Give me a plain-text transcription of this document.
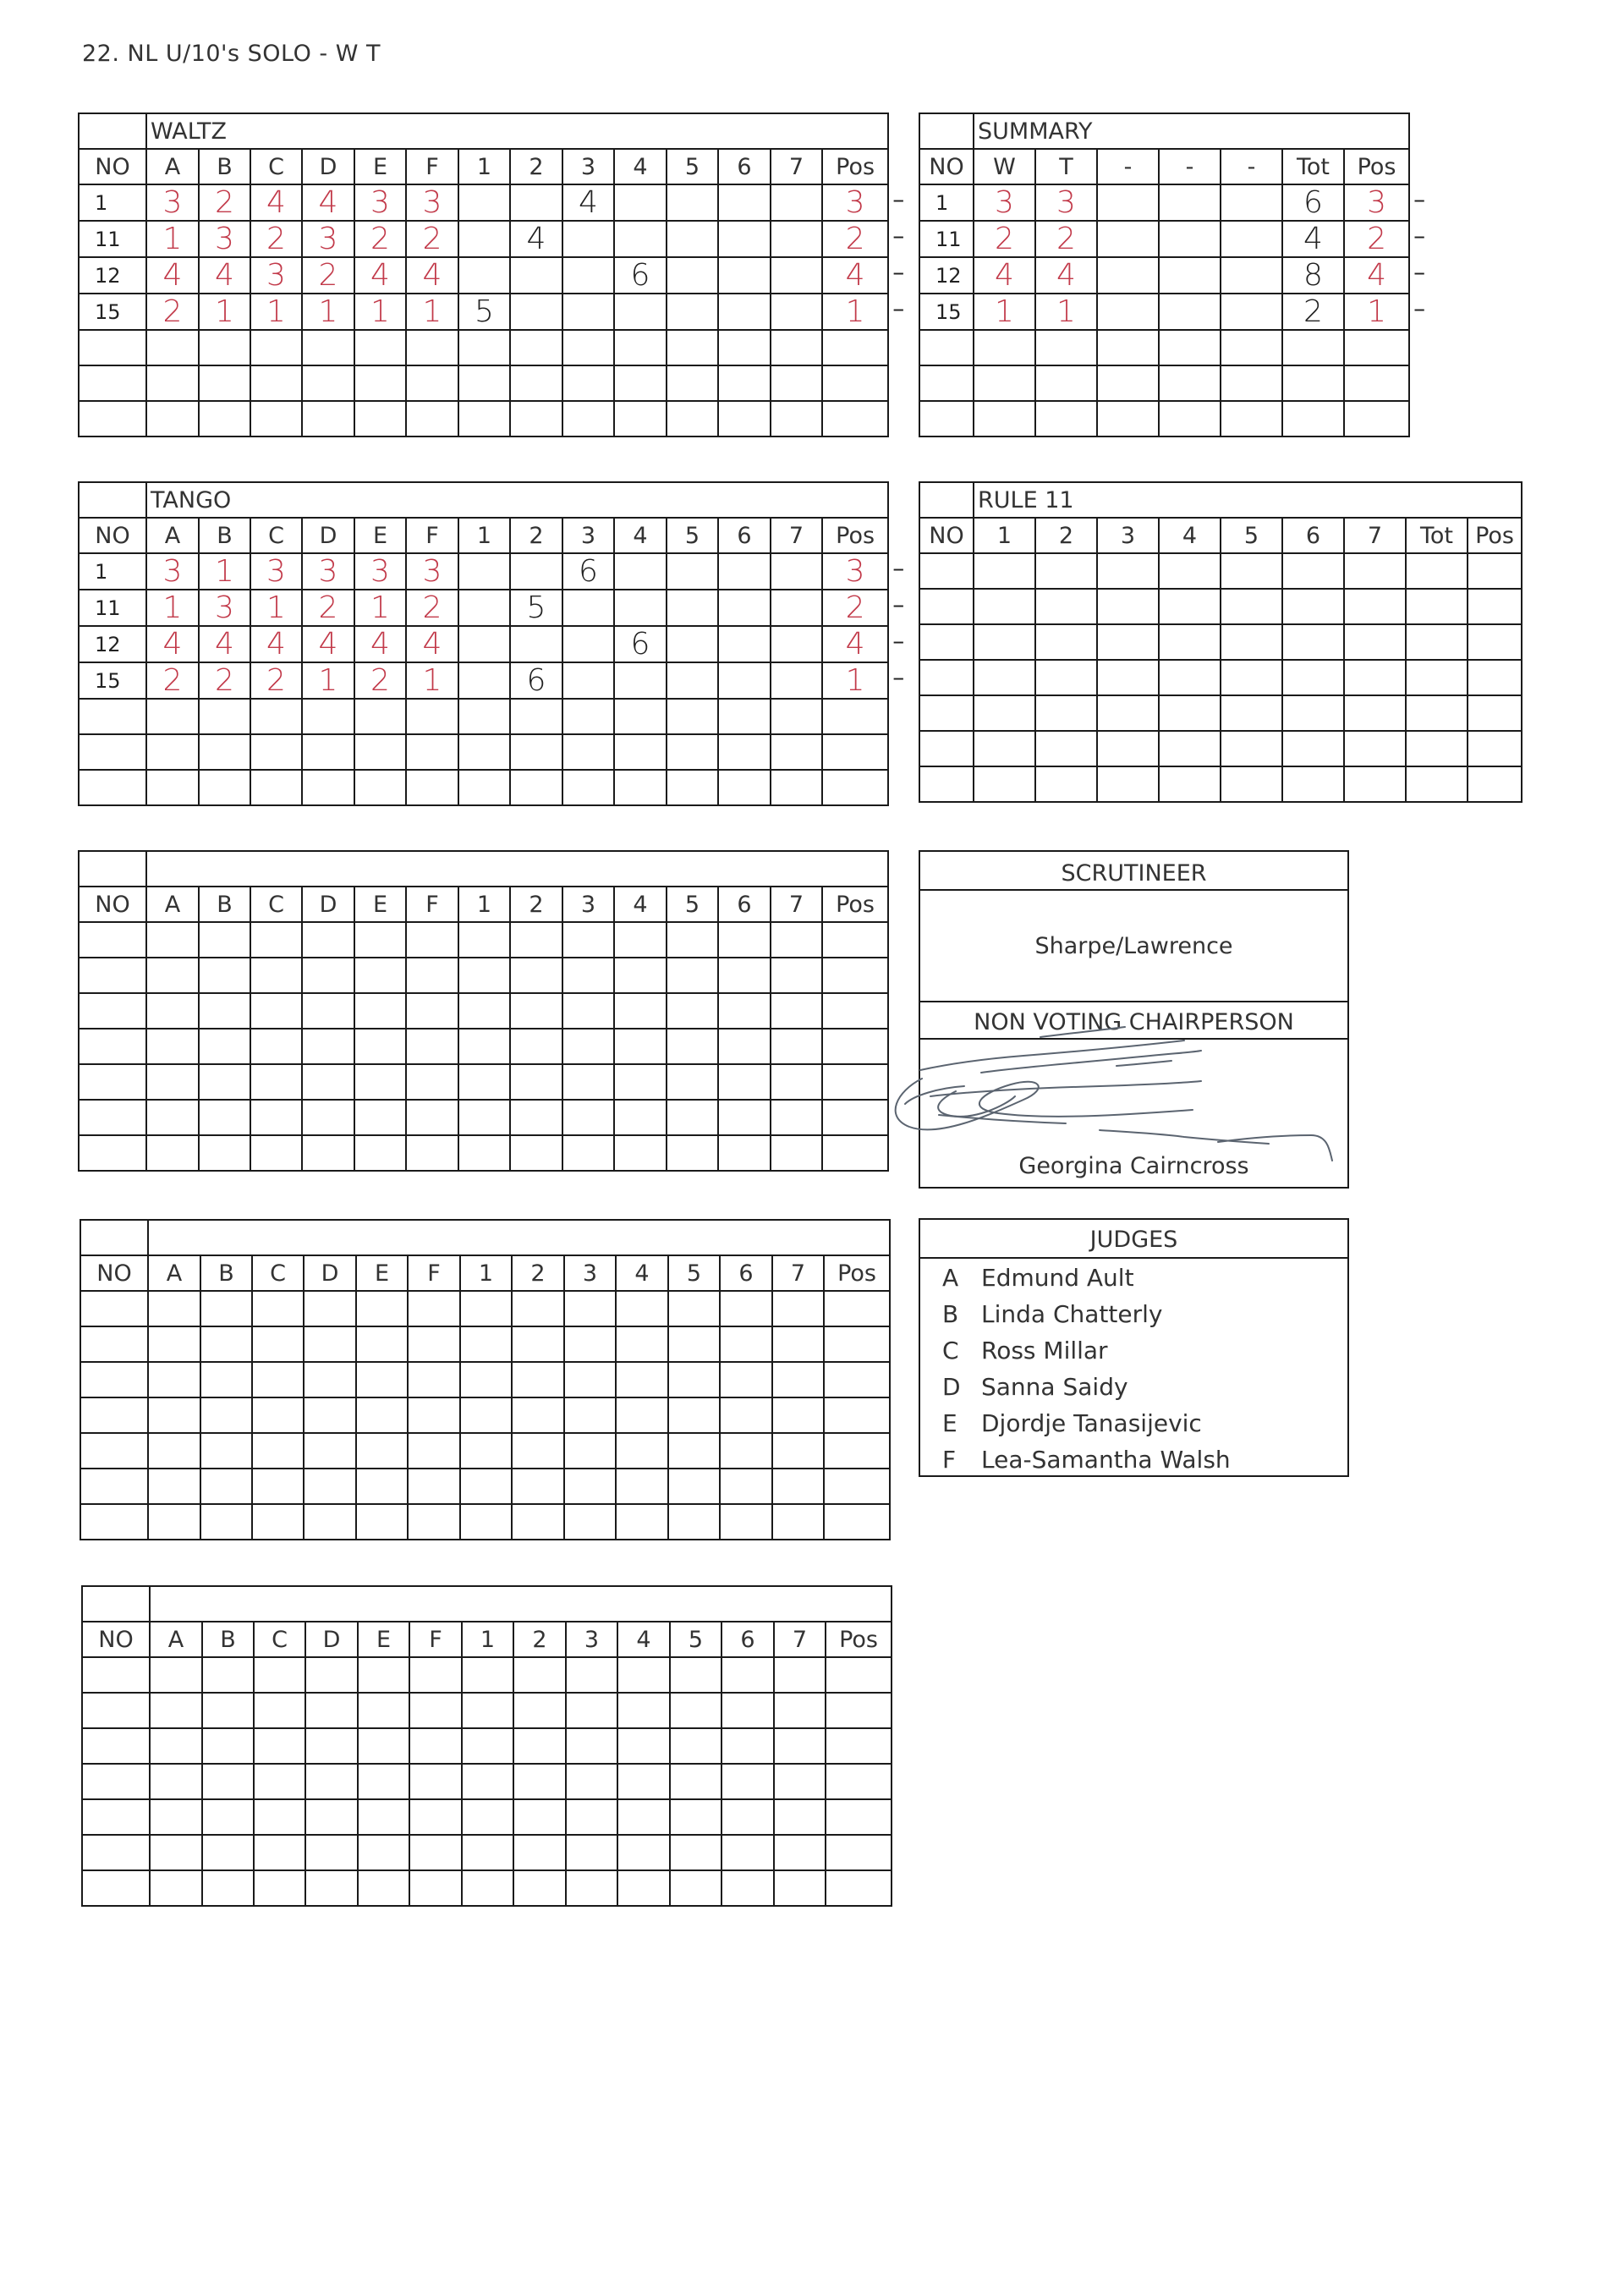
22. NL U/10's SOLO - W T
	WALTZ													
NO	A	B	C	D	E	F	1	2	3	4	5	6	7	Pos
1	3	2	4	4	3	3			4					3
11	1	3	2	3	2	2		4						2
12	4	4	3	2	4	4				6				4
15	2	1	1	1	1	1	5							1

	TANGO													
NO	A	B	C	D	E	F	1	2	3	4	5	6	7	Pos
1	3	1	3	3	3	3			6					3
11	1	3	1	2	1	2		5						2
12	4	4	4	4	4	4				6				4
15	2	2	2	1	2	1		6						1

NO	A	B	C	D	E	F	1	2	3	4	5	6	7	Pos

NO	A	B	C	D	E	F	1	2	3	4	5	6	7	Pos

NO	A	B	C	D	E	F	1	2	3	4	5	6	7	Pos

	SUMMARY						
NO	W	T	-	-	-	Tot	Pos
1	3	3				6	3
11	2	2				4	2
12	4	4				8	4
15	1	1				2	1

	RULE 11								
NO	1	2	3	4	5	6	7	Tot	Pos

–
–
–
–
–
–
–
–
–
–
–
–
SCRUTINEER
Sharpe/Lawrence
NON VOTING CHAIRPERSON
Georgina Cairncross
JUDGES
A Edmund Ault
B Linda Chatterly
C Ross Millar
D Sanna Saidy
E Djordje Tanasijevic
F Lea-Samantha Walsh
